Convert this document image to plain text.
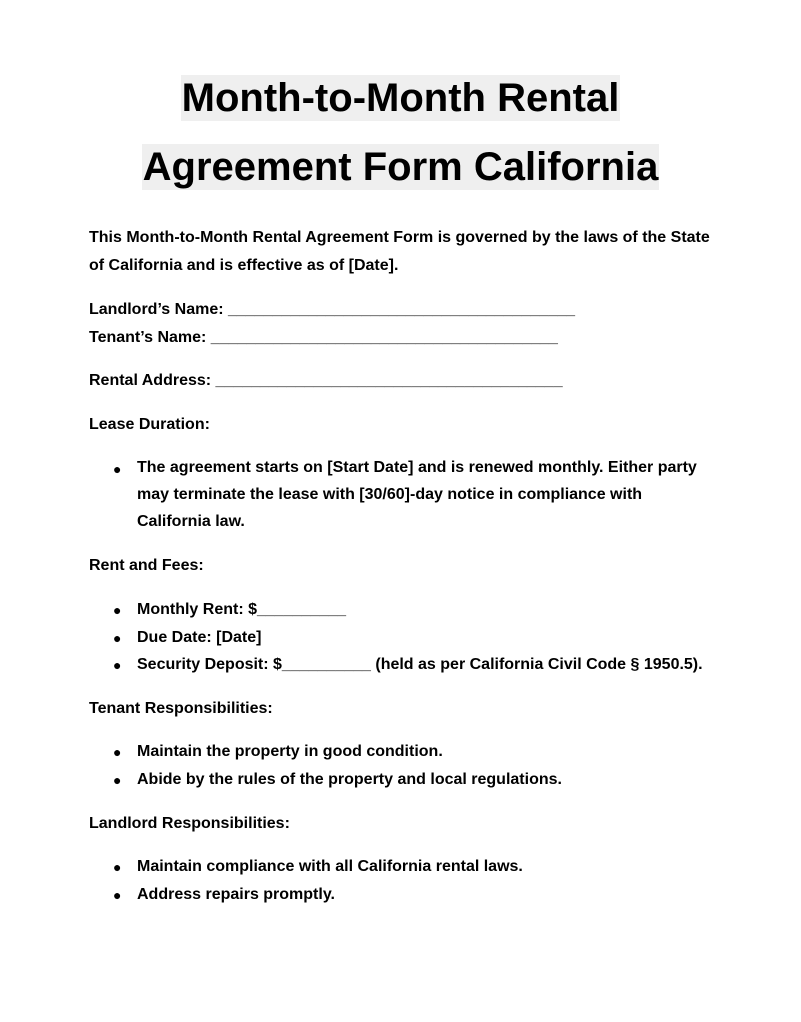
Month-to-Month Rental
Agreement Form California

This Month-to-Month Rental Agreement Form is governed by the laws of the State of California and is effective as of [Date].

Landlord’s Name: _______________________________________
Tenant’s Name: _______________________________________
Rental Address: _______________________________________
Lease Duration:
● The agreement starts on [Start Date] and is renewed monthly. Either party may terminate the lease with [30/60]-day notice in compliance with California law.
Rent and Fees:
● Monthly Rent: $__________
● Due Date: [Date]
● Security Deposit: $__________ (held as per California Civil Code § 1950.5).
Tenant Responsibilities:
● Maintain the property in good condition.
● Abide by the rules of the property and local regulations.
Landlord Responsibilities:
● Maintain compliance with all California rental laws.
● Address repairs promptly.
